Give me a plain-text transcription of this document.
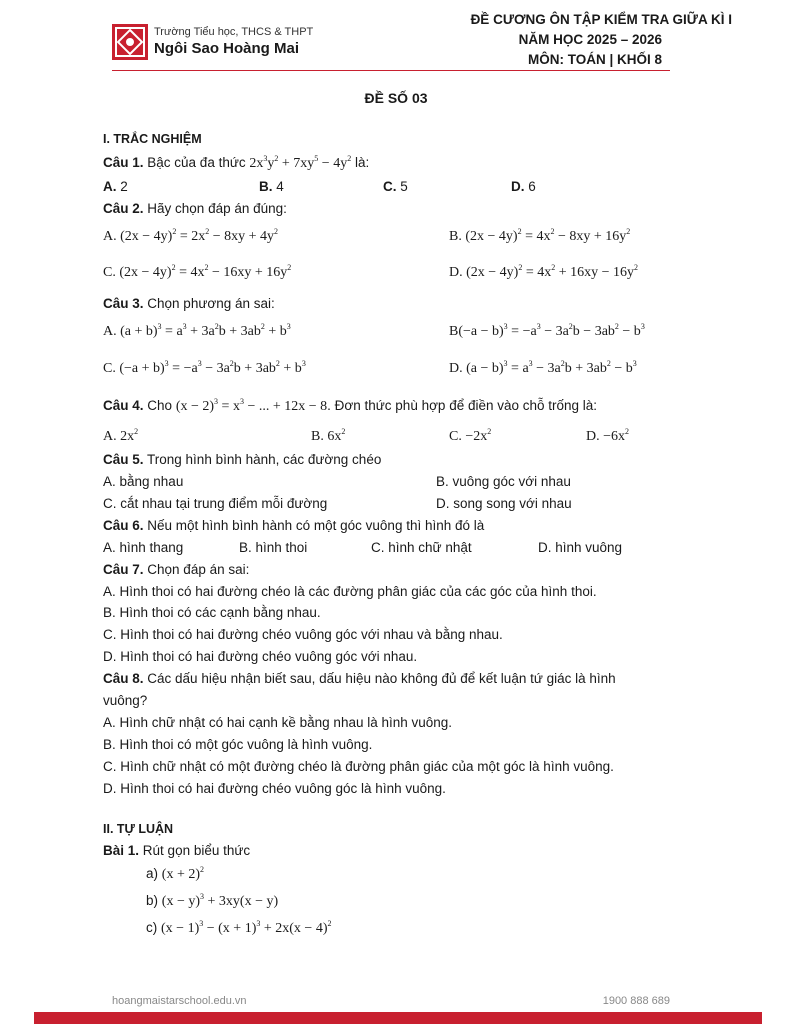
Trường Tiểu học, THCS & THPT
Ngôi Sao Hoàng Mai
ĐỀ CƯƠNG ÔN TẬP KIỂM TRA GIỮA KÌ I
NĂM HỌC 2025 – 2026
MÔN: TOÁN | KHỐI 8
ĐỀ SỐ 03
I. TRẮC NGHIỆM
Câu 1. Bậc của đa thức $2x^3y^2 + 7xy^5 - 4y^2$ là:
A. 2	B. 4	C. 5	D. 6
Câu 2. Hãy chọn đáp án đúng:
A. $(2x - 4y)^2 = 2x^2 - 8xy + 4y^2$	B. $(2x - 4y)^2 = 4x^2 - 8xy + 16y^2$
C. $(2x - 4y)^2 = 4x^2 - 16xy + 16y^2$	D. $(2x - 4y)^2 = 4x^2 + 16xy - 16y^2$
Câu 3. Chọn phương án sai:
A. $(a + b)^3 = a^3 + 3a^2b + 3ab^2 + b^3$	$B(-a - b)^3 = -a^3 - 3a^2b - 3ab^2 - b^3$
C. $(-a + b)^3 = -a^3 - 3a^2b + 3ab^2 + b^3$	D. $(a - b)^3 = a^3 - 3a^2b + 3ab^2 - b^3$
Câu 4. Cho $(x - 2)^3 = x^3$ − ... + 12x − 8. Đơn thức phù hợp để điền vào chỗ trống là:
A. $2x^2$	B. $6x^2$	C. $-2x^2$	D. $-6x^2$
Câu 5. Trong hình bình hành, các đường chéo
A. bằng nhau	B. vuông góc với nhau
C. cắt nhau tại trung điểm mỗi đường	D. song song với nhau
Câu 6. Nếu một hình bình hành có một góc vuông thì hình đó là
A. hình thang	B. hình thoi	C. hình chữ nhật	D. hình vuông
Câu 7. Chọn đáp án sai:
A. Hình thoi có hai đường chéo là các đường phân giác của các góc của hình thoi.
B. Hình thoi có các cạnh bằng nhau.
C. Hình thoi có hai đường chéo vuông góc với nhau và bằng nhau.
D. Hình thoi có hai đường chéo vuông góc với nhau.
Câu 8. Các dấu hiệu nhận biết sau, dấu hiệu nào không đủ để kết luận tứ giác là hình
vuông?
A. Hình chữ nhật có hai cạnh kề bằng nhau là hình vuông.
B. Hình thoi có một góc vuông là hình vuông.
C. Hình chữ nhật có một đường chéo là đường phân giác của một góc là hình vuông.
D. Hình thoi có hai đường chéo vuông góc là hình vuông.
II. TỰ LUẬN
Bài 1. Rút gọn biểu thức
a) $(x + 2)^2$
b) $(x - y)^3 + 3xy(x - y)$
c) $(x - 1)^3 - (x + 1)^3 + 2x(x - 4)^2$
hoangmaistarschool.edu.vn	1900 888 689
